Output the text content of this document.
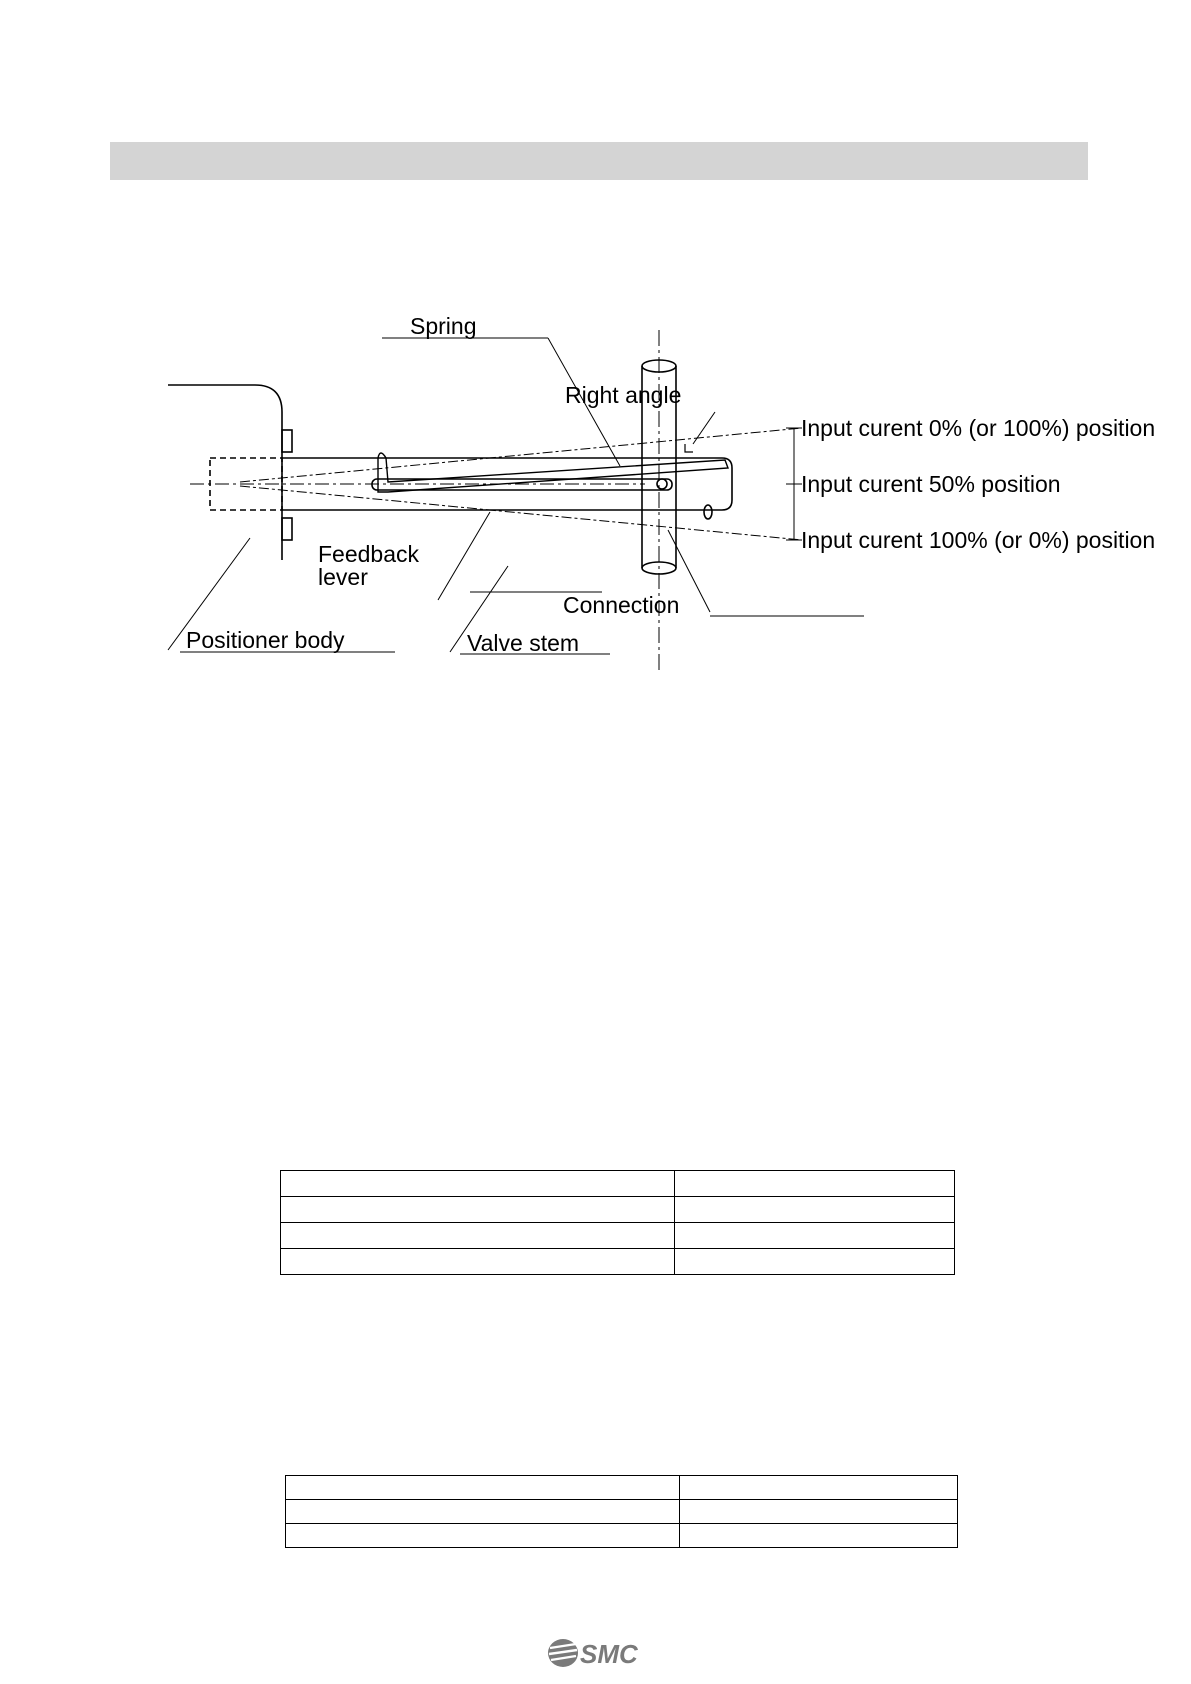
Spring
Right angle
Input curent 0% (or 100%) position
Input curent 50% position
Input curent 100% (or 0%) position
Feedback
lever
Connection
Positioner body	Valve stem

SMC
